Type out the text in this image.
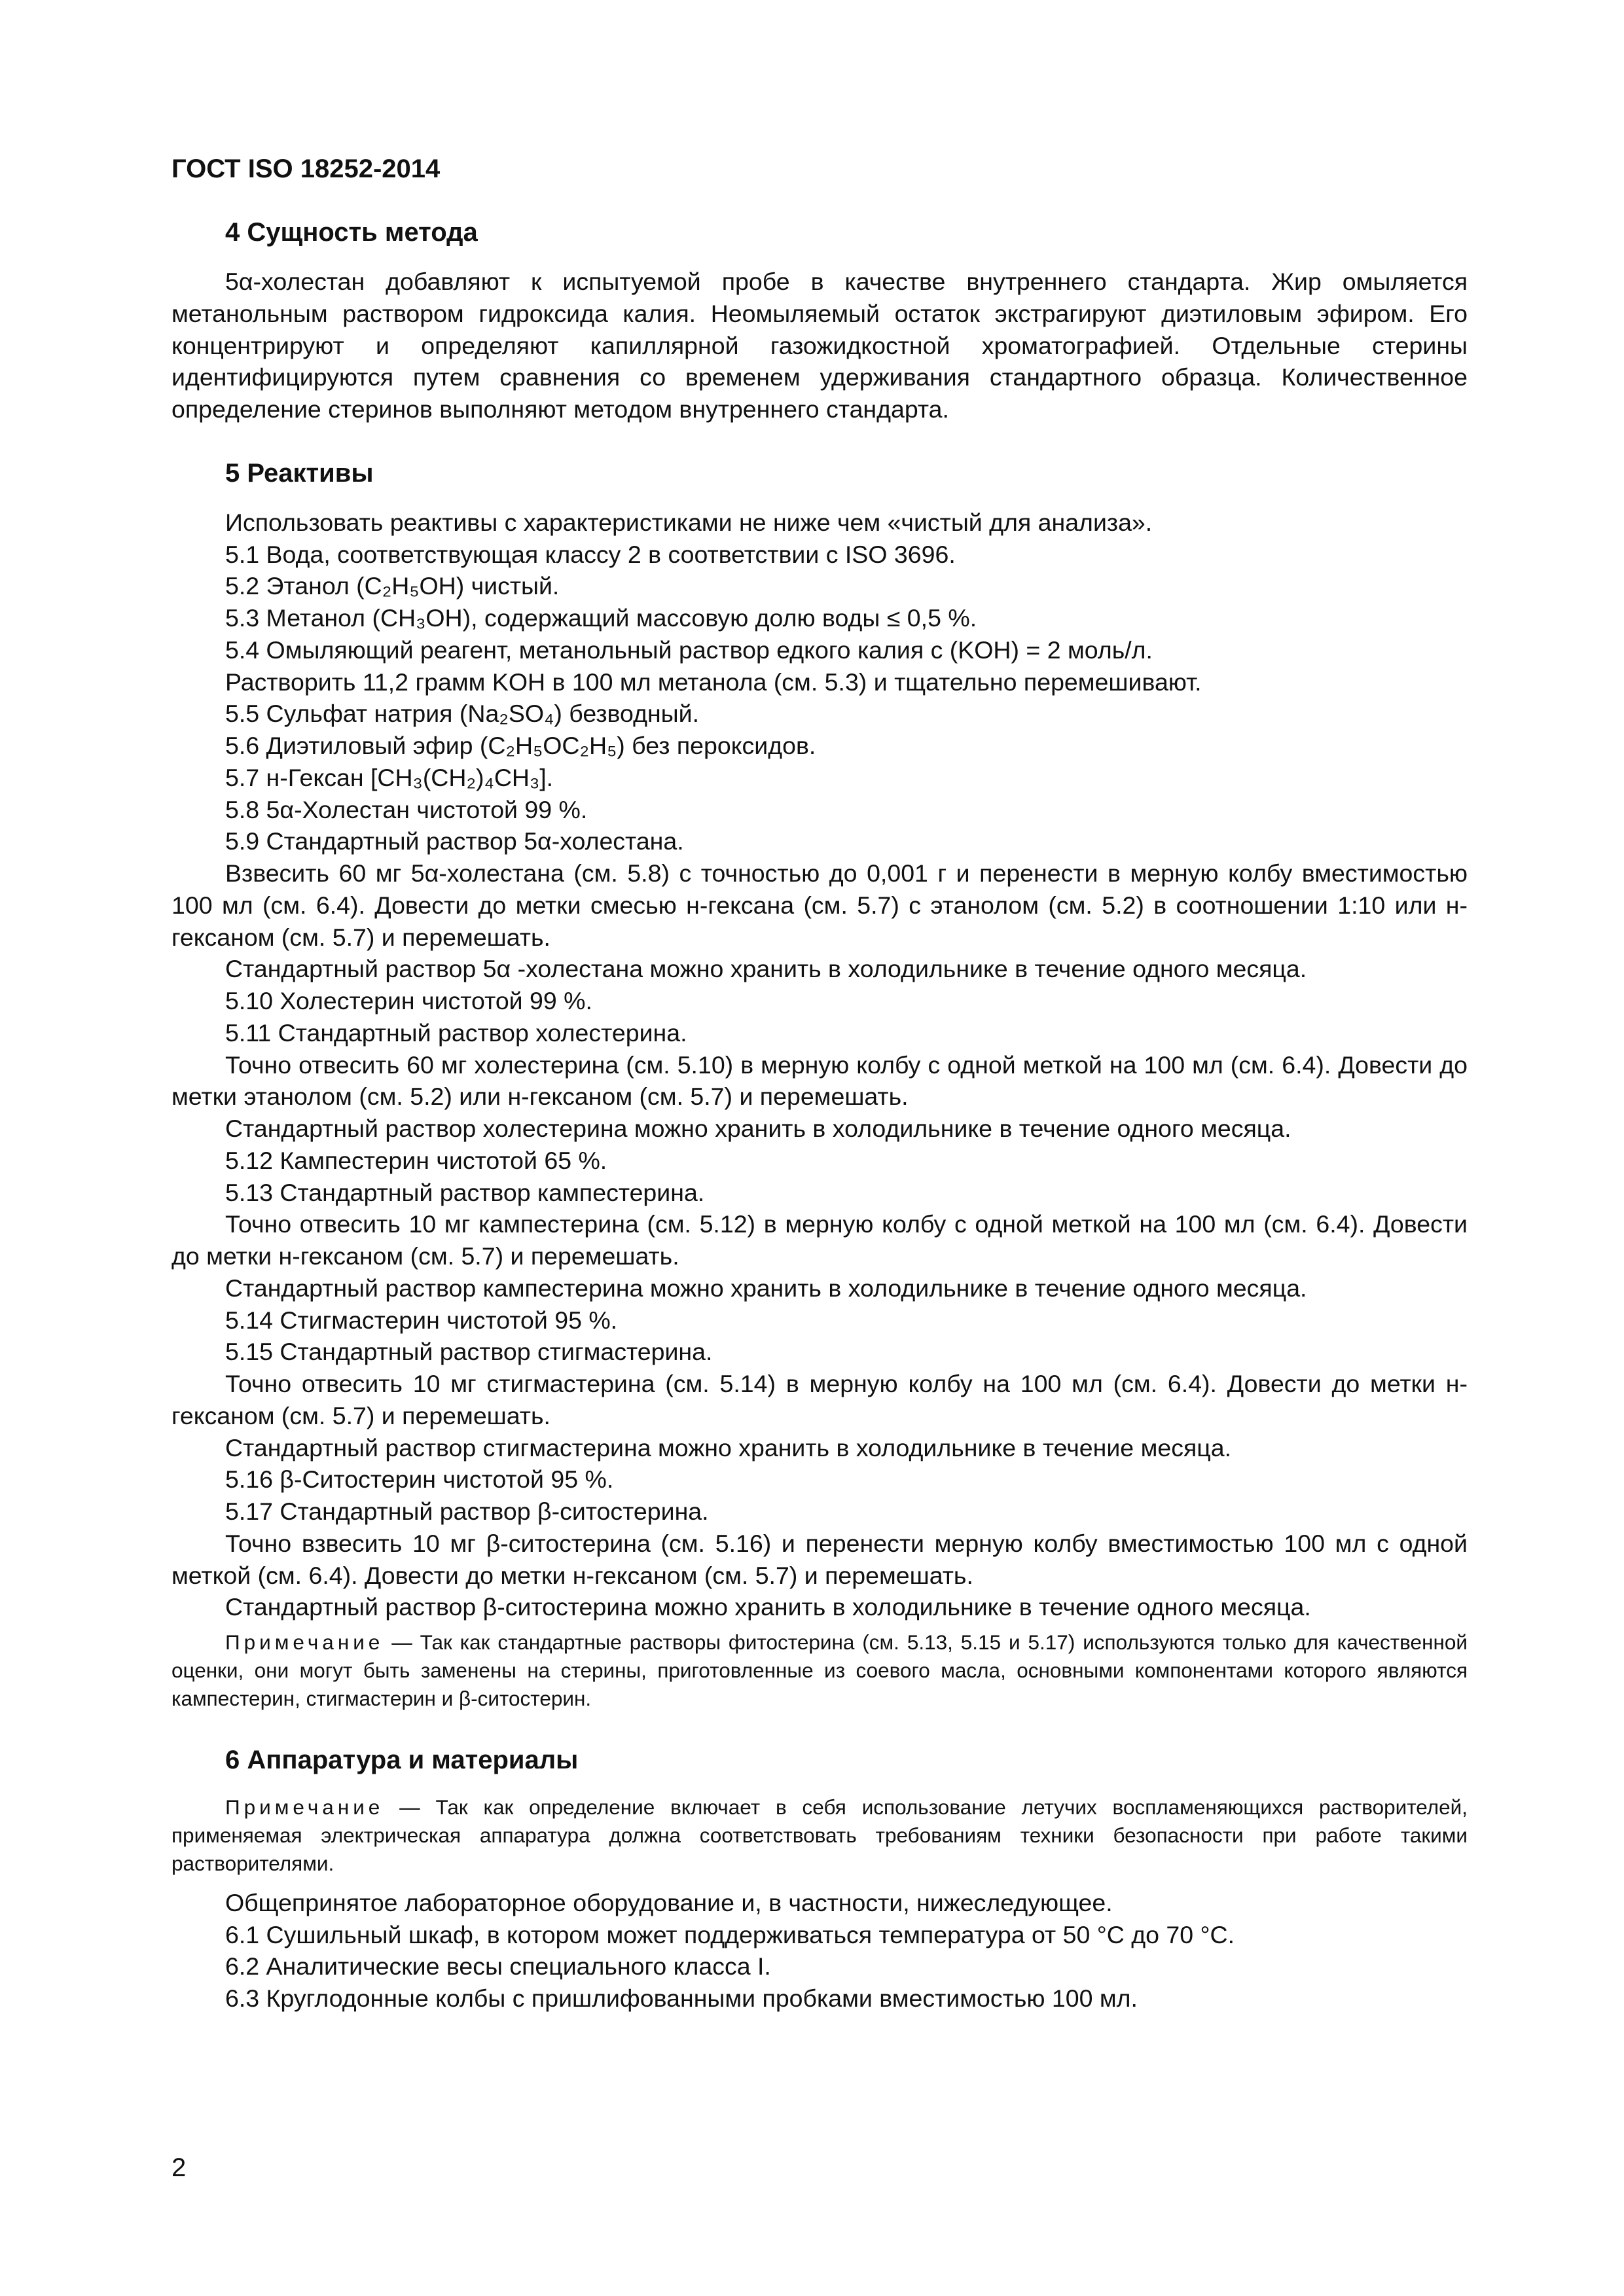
ГОСТ ISO 18252-2014

4 Сущность метода

5α-холестан добавляют к испытуемой пробе в качестве внутреннего стандарта. Жир омыляется метанольным раствором гидроксида калия. Неомыляемый остаток экстрагируют диэтиловым эфиром. Его концентрируют и определяют капиллярной газожидкостной хроматографией. Отдельные стерины идентифицируются путем сравнения со временем удерживания стандартного образца. Количественное определение стеринов выполняют методом внутреннего стандарта.

5 Реактивы

Использовать реактивы с характеристиками не ниже чем «чистый для анализа».

5.1 Вода, соответствующая классу 2 в соответствии с ISO 3696.

5.2 Этанол (C₂H₅OH) чистый.

5.3 Метанол (CH₃OH), содержащий массовую долю воды ≤ 0,5 %.

5.4 Омыляющий реагент, метанольный раствор едкого калия с (KOH) = 2 моль/л.

Растворить 11,2 грамм KOH в 100 мл метанола (см. 5.3) и тщательно перемешивают.

5.5 Сульфат натрия (Na₂SO₄) безводный.

5.6 Диэтиловый эфир (C₂H₅OC₂H₅) без пероксидов.

5.7 н-Гексан [CH₃(CH₂)₄CH₃].

5.8 5α-Холестан чистотой 99 %.

5.9 Стандартный раствор 5α-холестана.

Взвесить 60 мг 5α-холестана (см. 5.8) с точностью до 0,001 г и перенести в мерную колбу вместимостью 100 мл (см. 6.4). Довести до метки смесью н-гексана (см. 5.7) с этанолом (см. 5.2) в соотношении 1:10 или н-гексаном (см. 5.7) и перемешать.

Стандартный раствор 5α -холестана можно хранить в холодильнике в течение одного месяца.

5.10 Холестерин чистотой 99 %.

5.11 Стандартный раствор холестерина.

Точно отвесить 60 мг холестерина (см. 5.10) в мерную колбу с одной меткой на 100 мл (см. 6.4). Довести до метки этанолом (см. 5.2) или н-гексаном (см. 5.7) и перемешать.

Стандартный раствор холестерина можно хранить в холодильнике в течение одного месяца.

5.12 Кампестерин чистотой 65 %.

5.13 Стандартный раствор кампестерина.

Точно отвесить 10 мг кампестерина (см. 5.12) в мерную колбу с одной меткой на 100 мл (см. 6.4). Довести до метки н-гексаном (см. 5.7) и перемешать.

Стандартный раствор кампестерина можно хранить в холодильнике в течение одного месяца.

5.14 Стигмастерин чистотой 95 %.

5.15 Стандартный раствор стигмастерина.

Точно отвесить 10 мг стигмастерина (см. 5.14) в мерную колбу на 100 мл (см. 6.4). Довести до метки н-гексаном (см. 5.7) и перемешать.

Стандартный раствор стигмастерина можно хранить в холодильнике в течение месяца.

5.16 β-Ситостерин чистотой 95 %.

5.17 Стандартный раствор β-ситостерина.

Точно взвесить 10 мг β-ситостерина (см. 5.16) и перенести мерную колбу вместимостью 100 мл с одной меткой (см. 6.4). Довести до метки н-гексаном (см. 5.7) и перемешать.

Стандартный раствор β-ситостерина можно хранить в холодильнике в течение одного месяца.

Примечание — Так как стандартные растворы фитостерина (см. 5.13, 5.15 и 5.17) используются только для качественной оценки, они могут быть заменены на стерины, приготовленные из соевого масла, основными компонентами которого являются кампестерин, стигмастерин и β-ситостерин.

6 Аппаратура и материалы

Примечание — Так как определение включает в себя использование летучих воспламеняющихся растворителей, применяемая электрическая аппаратура должна соответствовать требованиям техники безопасности при работе такими растворителями.

Общепринятое лабораторное оборудование и, в частности, нижеследующее.

6.1 Сушильный шкаф, в котором может поддерживаться температура от 50 °С до 70 °С.

6.2 Аналитические весы специального класса I.

6.3 Круглодонные колбы с пришлифованными пробками вместимостью 100 мл.

2
